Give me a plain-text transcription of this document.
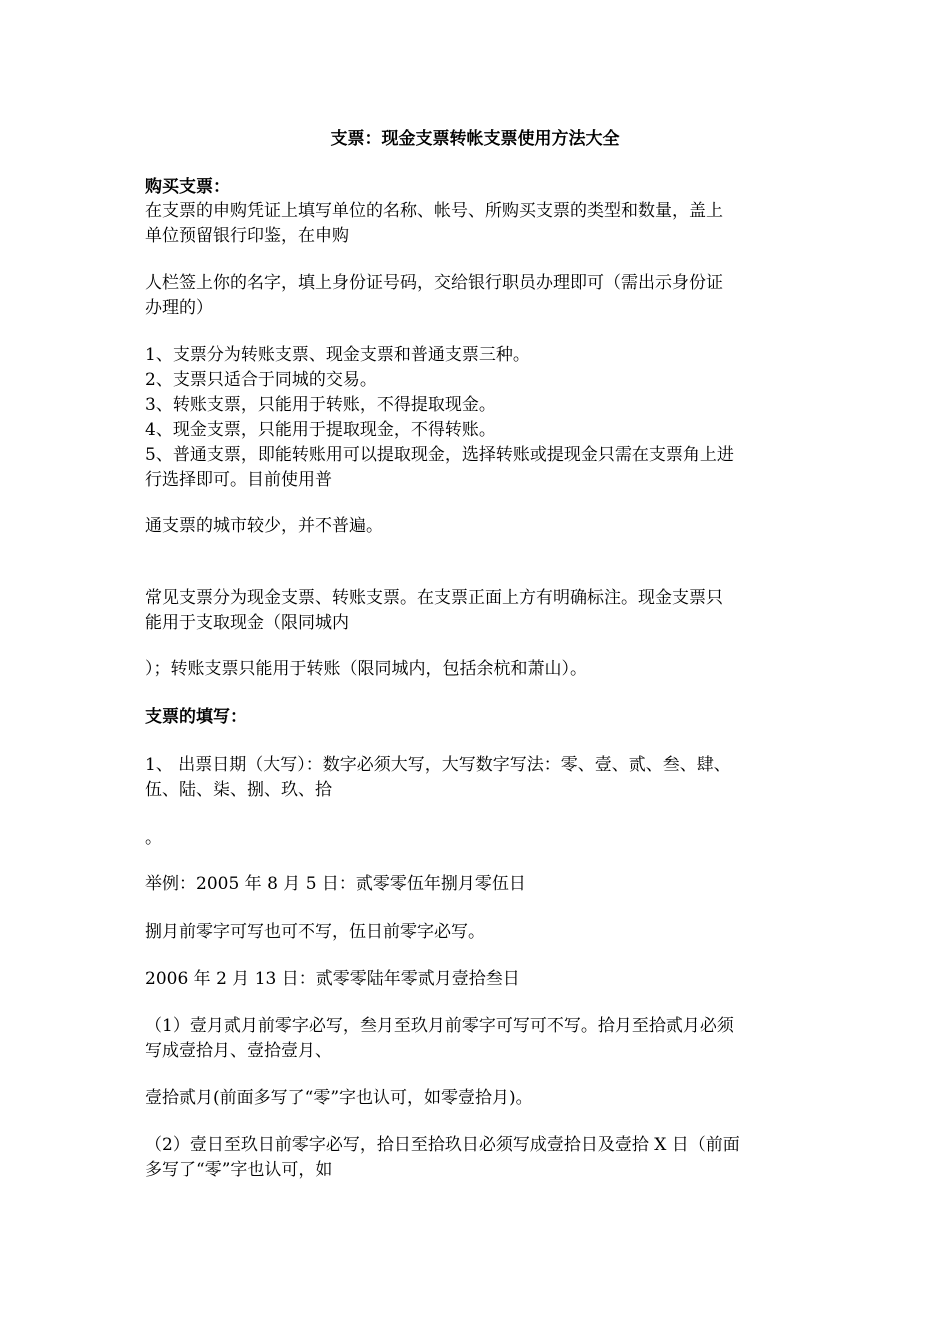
支票：现金支票转帐支票使用方法大全
购买支票：
在支票的申购凭证上填写单位的名称、帐号、所购买支票的类型和数量，盖上
单位预留银行印鉴，在申购
人栏签上你的名字，填上身份证号码，交给银行职员办理即可（需出示身份证
办理的）
1、支票分为转账支票、现金支票和普通支票三种。
2、支票只适合于同城的交易。
3、转账支票，只能用于转账，不得提取现金。
4、现金支票，只能用于提取现金，不得转账。
5、普通支票，即能转账用可以提取现金，选择转账或提现金只需在支票角上进
行选择即可。目前使用普
通支票的城市较少，并不普遍。
常见支票分为现金支票、转账支票。在支票正面上方有明确标注。现金支票只
能用于支取现金（限同城内
）；转账支票只能用于转账（限同城内，包括余杭和萧山）。
支票的填写：
1、 出票日期（大写）：数字必须大写，大写数字写法：零、壹、贰、叁、肆、
伍、陆、柒、捌、玖、拾
。
举例：2005 年 8 月 5 日：贰零零伍年捌月零伍日
捌月前零字可写也可不写，伍日前零字必写。
2006 年 2 月 13 日：贰零零陆年零贰月壹拾叁日
（1）壹月贰月前零字必写，叁月至玖月前零字可写可不写。拾月至拾贰月必须
写成壹拾月、壹拾壹月、
壹拾贰月(前面多写了“零”字也认可，如零壹拾月)。
（2）壹日至玖日前零字必写，拾日至拾玖日必须写成壹拾日及壹拾 X 日（前面
多写了“零”字也认可，如
